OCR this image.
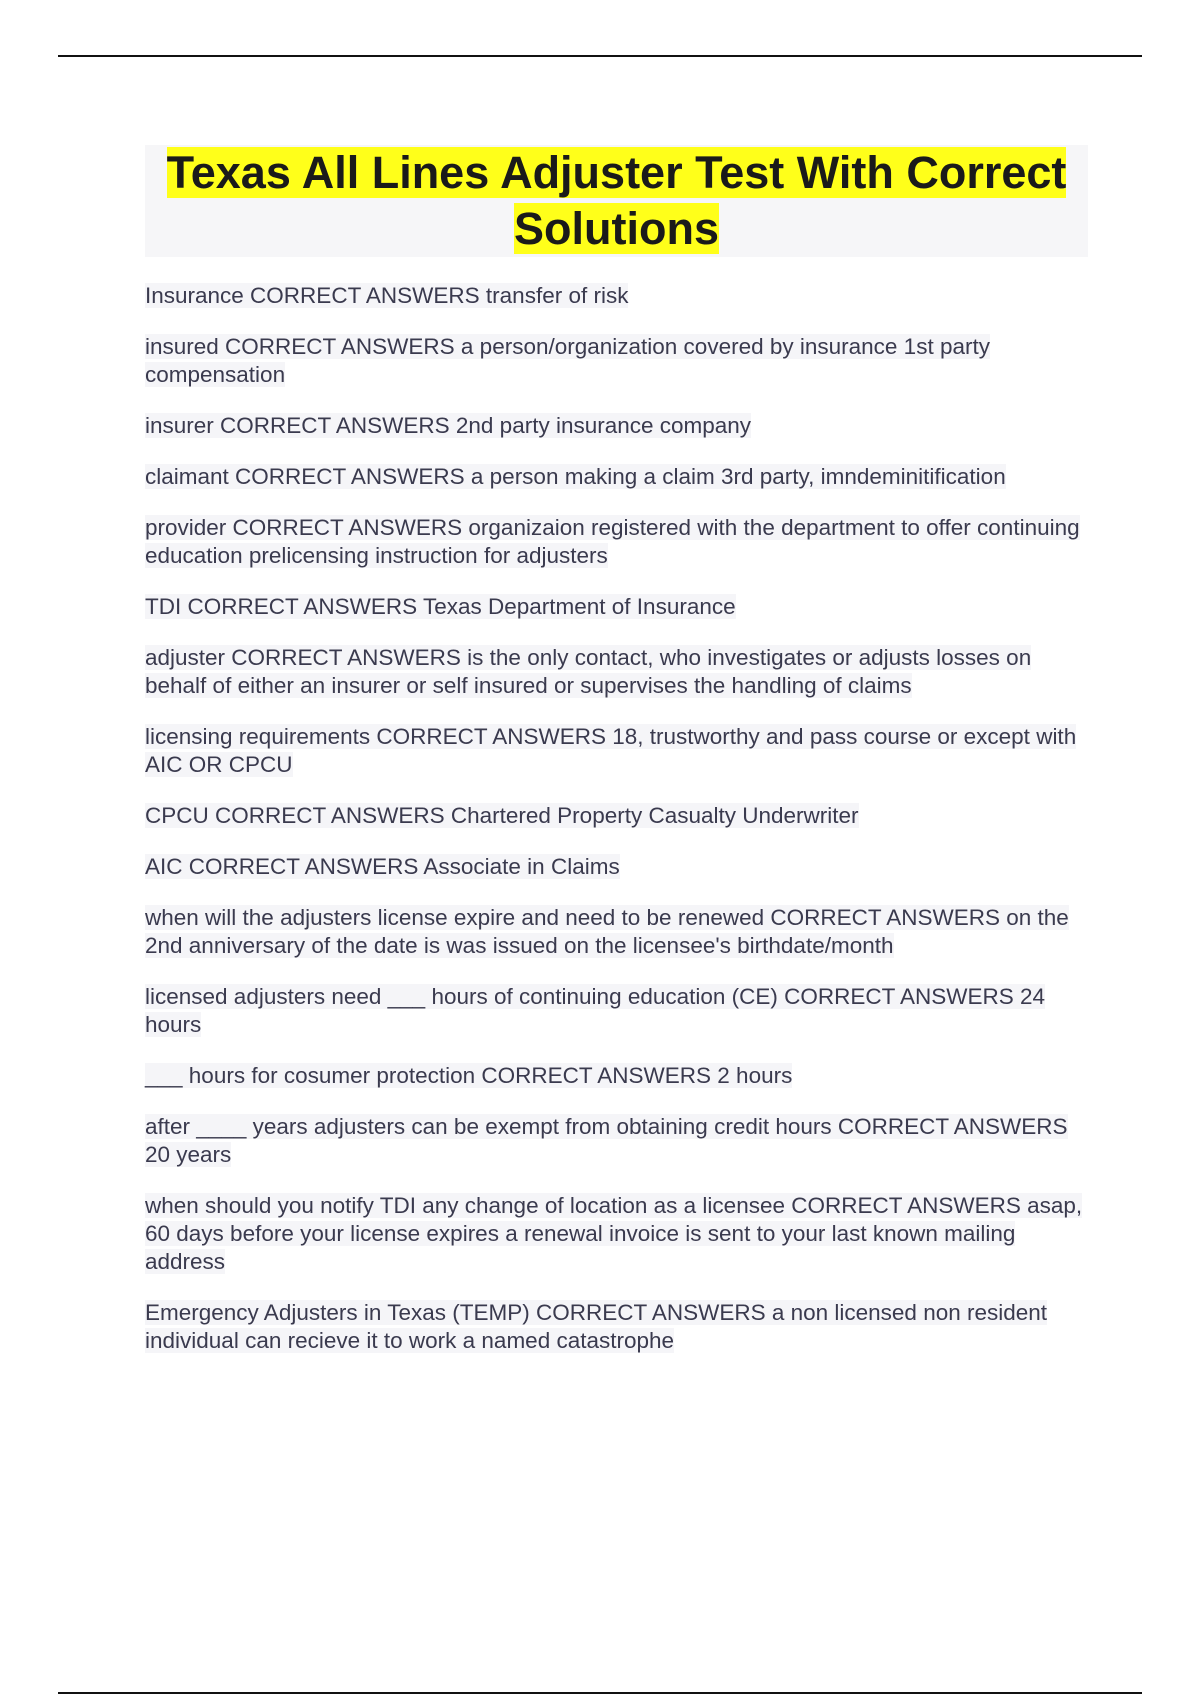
Texas All Lines Adjuster Test With Correct Solutions
Insurance CORRECT ANSWERS transfer of risk
insured CORRECT ANSWERS a person/organization covered by insurance 1st party compensation
insurer CORRECT ANSWERS 2nd party insurance company
claimant CORRECT ANSWERS a person making a claim 3rd party, imndeminitification
provider CORRECT ANSWERS organizaion registered with the department to offer continuing education prelicensing instruction for adjusters
TDI CORRECT ANSWERS Texas Department of Insurance
adjuster CORRECT ANSWERS is the only contact, who investigates or adjusts losses on behalf of either an insurer or self insured or supervises the handling of claims
licensing requirements CORRECT ANSWERS 18, trustworthy and pass course or except with AIC OR CPCU
CPCU CORRECT ANSWERS Chartered Property Casualty Underwriter
AIC CORRECT ANSWERS Associate in Claims
when will the adjusters license expire and need to be renewed CORRECT ANSWERS on the 2nd anniversary of the date is was issued on the licensee's birthdate/month
licensed adjusters need ___ hours of continuing education (CE) CORRECT ANSWERS 24 hours
___ hours for cosumer protection CORRECT ANSWERS 2 hours
after ____ years adjusters can be exempt from obtaining credit hours CORRECT ANSWERS 20 years
when should you notify TDI any change of location as a licensee CORRECT ANSWERS asap, 60 days before your license expires a renewal invoice is sent to your last known mailing address
Emergency Adjusters in Texas (TEMP) CORRECT ANSWERS a non licensed non resident individual can recieve it to work a named catastrophe
